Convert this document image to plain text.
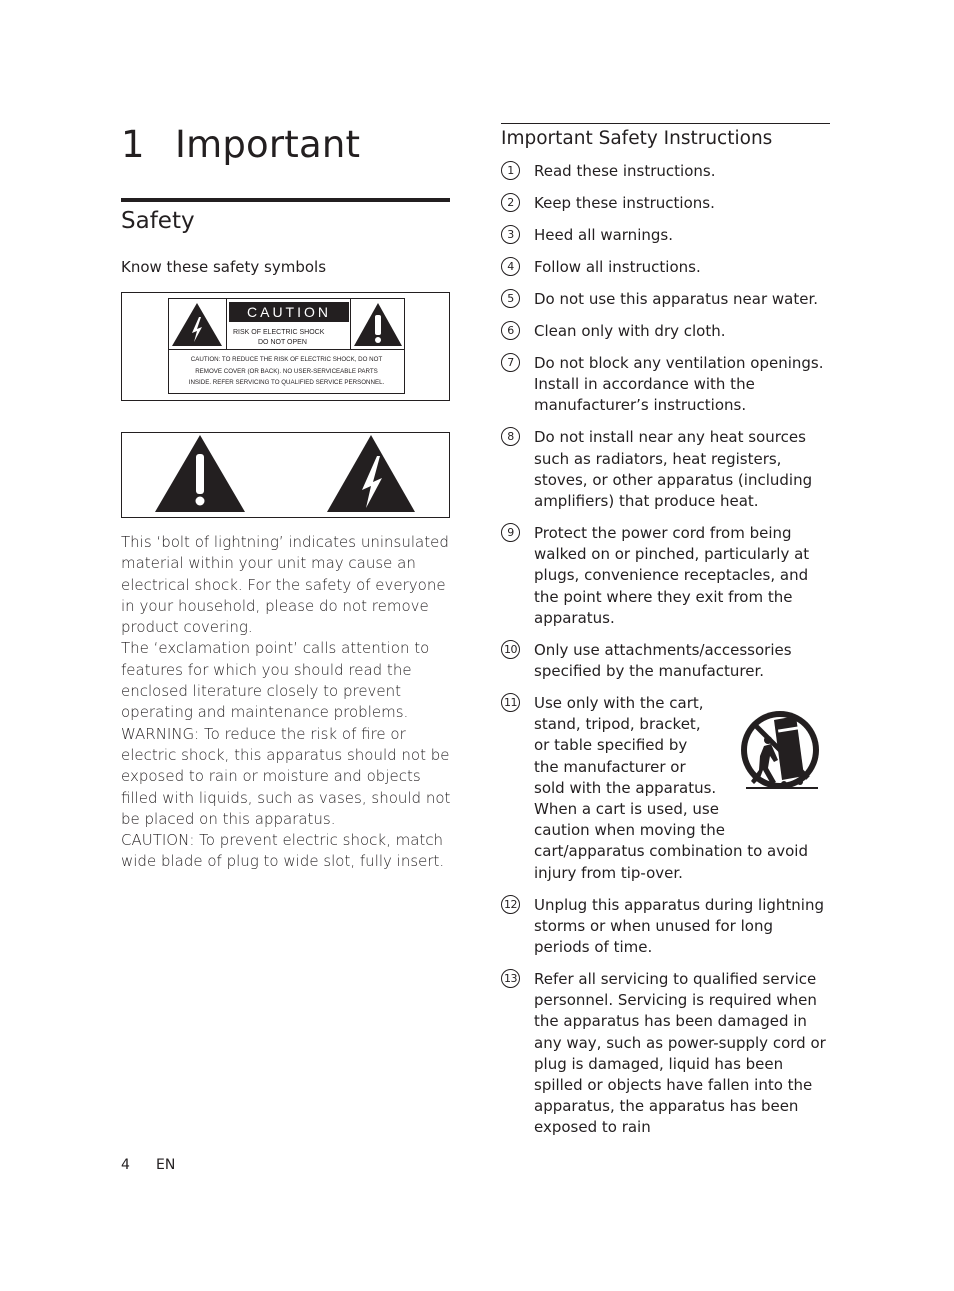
1 Important
Safety
Know these safety symbols
CAUTION
RISK OF ELECTRIC SHOCK
DO NOT OPEN
CAUTION: TO REDUCE THE RISK OF ELECTRIC SHOCK, DO NOT
REMOVE COVER (OR BACK). NO USER-SERVICEABLE PARTS
INSIDE. REFER SERVICING TO QUALIFIED SERVICE PERSONNEL.

This ‘bolt of lightning’ indicates uninsulated material within your unit may cause an electrical shock. For the safety of everyone in your household, please do not remove product covering.

The ‘exclamation point’ calls attention to features for which you should read the enclosed literature closely to prevent operating and maintenance problems.

WARNING: To reduce the risk of fire or electric shock, this apparatus should not be exposed to rain or moisture and objects filled with liquids, such as vases, should not be placed on this apparatus.

CAUTION: To prevent electric shock, match wide blade of plug to wide slot, fully insert.

Important Safety Instructions
1	Read these instructions.
2	Keep these instructions.
3	Heed all warnings.
4	Follow all instructions.
5	Do not use this apparatus near water.
6	Clean only with dry cloth.
7	Do not block any ventilation openings. Install in accordance with the manufacturer’s instructions.
8	Do not install near any heat sources such as radiators, heat registers, stoves, or other apparatus (including amplifiers) that produce heat.
9	Protect the power cord from being walked on or pinched, particularly at plugs, convenience receptacles, and the point where they exit from the apparatus.
10 Only use attachments/accessories specified by the manufacturer.
11 Use only with the cart,
stand, tripod, bracket,
or table specified by
the manufacturer or
sold with the apparatus.
When a cart is used, use
caution when moving the cart/apparatus combination to avoid injury from tip-over.
12 Unplug this apparatus during lightning storms or when unused for long periods of time.
13 Refer all servicing to qualified service personnel. Servicing is required when the apparatus has been damaged in any way, such as power-supply cord or plug is damaged, liquid has been spilled or objects have fallen into the apparatus, the apparatus has been exposed to rain
4 EN
